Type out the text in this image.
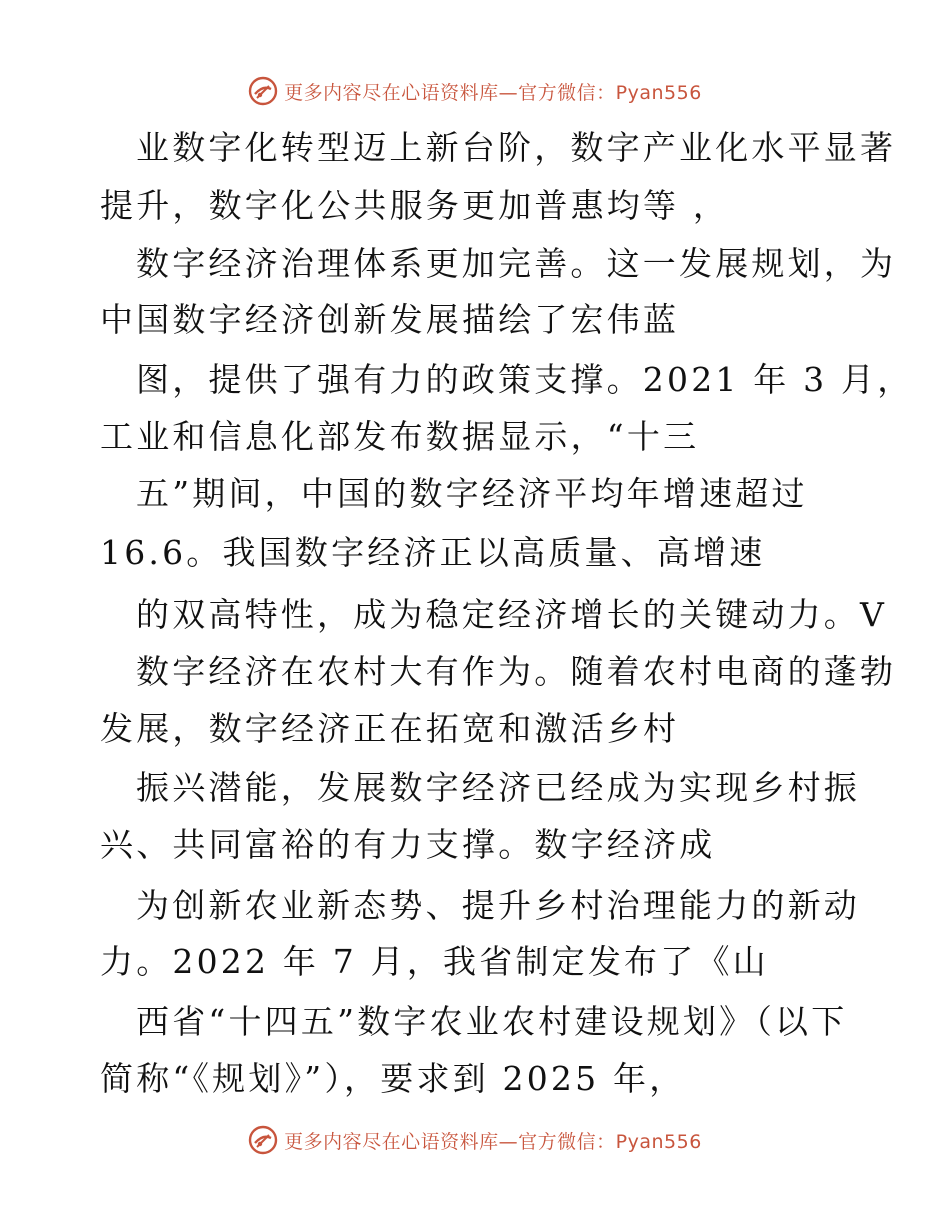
更多内容尽在心语资料库—官方微信：Pyan556
业数字化转型迈上新台阶，数字产业化水平显著
提升，数字化公共服务更加普惠均等 ，
数字经济治理体系更加完善。这一发展规划，为
中国数字经济创新发展描绘了宏伟蓝
图，提供了强有力的政策支撑。2021 年 3 月，
工业和信息化部发布数据显示，“十三
五”期间，中国的数字经济平均年增速超过
16.6。我国数字经济正以高质量、高增速
的双高特性，成为稳定经济增长的关键动力。V
数字经济在农村大有作为。随着农村电商的蓬勃
发展，数字经济正在拓宽和激活乡村
振兴潜能，发展数字经济已经成为实现乡村振
兴、共同富裕的有力支撑。数字经济成
为创新农业新态势、提升乡村治理能力的新动
力。2022 年 7 月，我省制定发布了《山
西省“十四五”数字农业农村建设规划》（以下
简称“《规划》”），要求到 2025 年，
更多内容尽在心语资料库—官方微信：Pyan556
